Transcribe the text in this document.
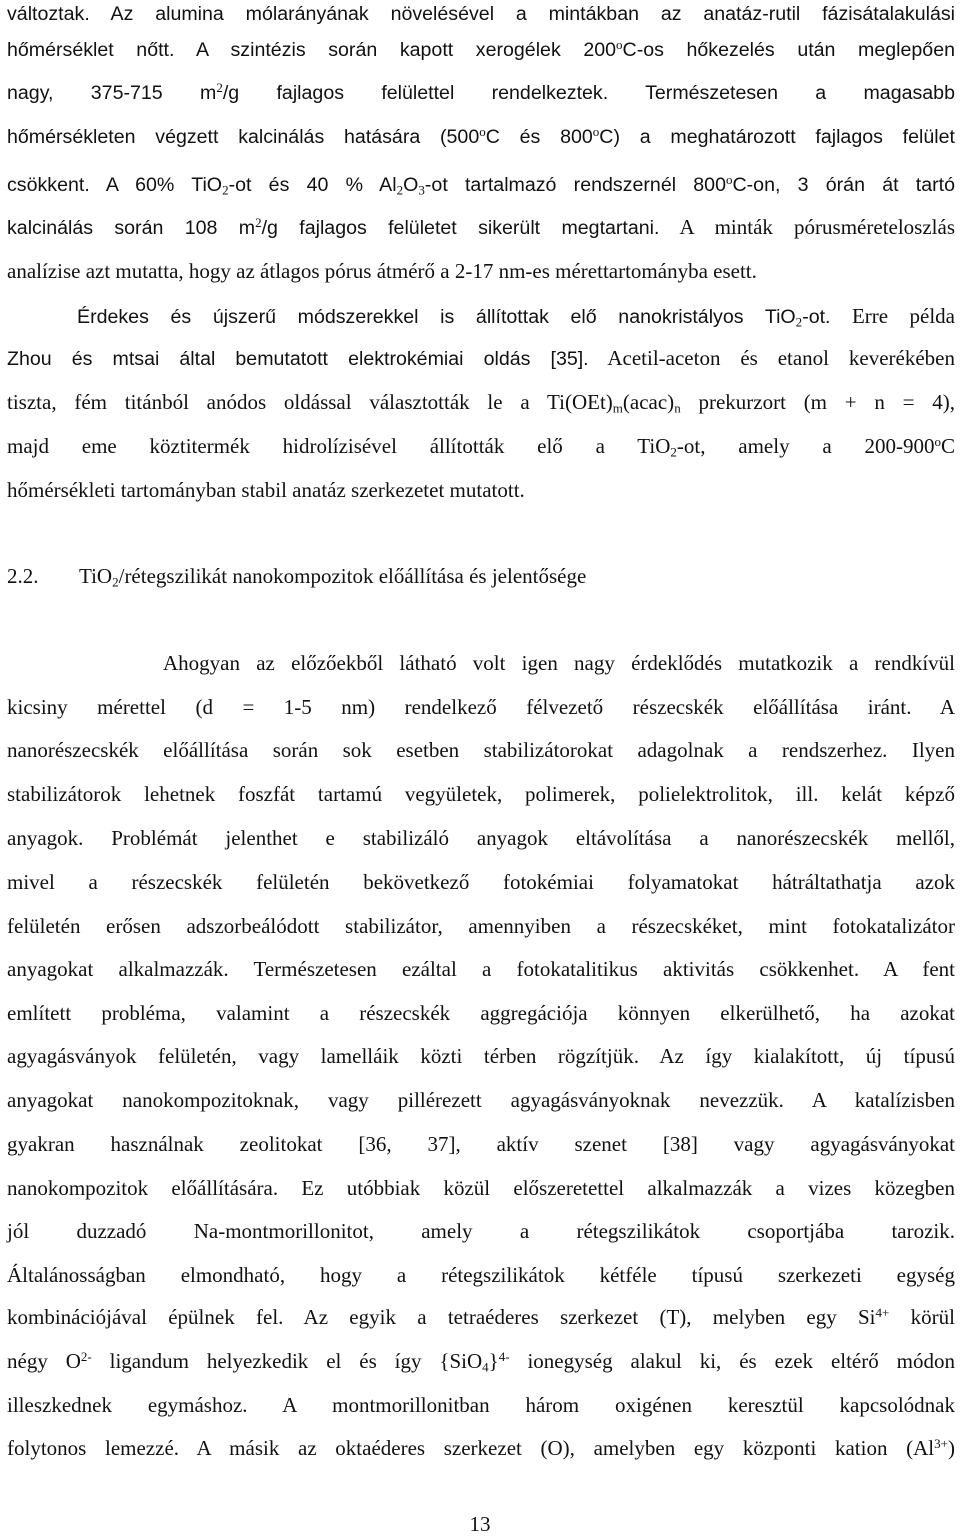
változtak. Az alumina mólarányának növelésével a mintákban az anatáz-rutil fázisátalakulási
hőmérséklet nőtt. A szintézis során kapott xerogélek 200$^o$C-os hőkezelés után meglepően
nagy, 375-715 $m^2/g$ fajlagos felülettel rendelkeztek. Természetesen a magasabb
hőmérsékleten végzett kalcinálás hatására (500$^o$C és 800$^o$C) a meghatározott fajlagos felület
csökkent. A 60% TiO$_2$-ot és 40 % $Al_2O_3-ot$ tartalmazó rendszernél 800$^o$C-on, 3 órán át tartó
kalcinálás során 108 $m^2/g$ fajlagos felületet sikerült megtartani. A minták pórusméreteloszlás
analízise azt mutatta, hogy az átlagos pórus átmérő a 2-17 nm-es mérettartományba esett.
Érdekes és újszerű módszerekkel is állítottak elő nanokristályos TiO$_2$-ot. Erre példa
Zhou és mtsai által bemutatott elektrokémiai oldás [35]. Acetil-aceton és etanol keverékében
tiszta, fém titánból anódos oldással választották le a $Ti(OEt)_m(acac)_n$ prekurzort (m + n = 4),
majd eme köztitermék hidrolízisével állították elő a TiO$_2$-ot, amely a 200-900$^o$C
hőmérsékleti tartományban stabil anatáz szerkezetet mutatott.
2.2. TiO$_2$/rétegszilikát nanokompozitok előállítása és jelentősége
Ahogyan az előzőekből látható volt igen nagy érdeklődés mutatkozik a rendkívül
kicsiny mérettel (d = 1-5 nm) rendelkező félvezető részecskék előállítása iránt. A
nanorészecskék előállítása során sok esetben stabilizátorokat adagolnak a rendszerhez. Ilyen
stabilizátorok lehetnek foszfát tartamú vegyületek, polimerek, polielektrolitok, ill. kelát képző
anyagok. Problémát jelenthet e stabilizáló anyagok eltávolítása a nanorészecskék mellől,
mivel a részecskék felületén bekövetkező fotokémiai folyamatokat hátráltathatja azok
felületén erősen adszorbeálódott stabilizátor, amennyiben a részecskéket, mint fotokatalizátor
anyagokat alkalmazzák. Természetesen ezáltal a fotokatalitikus aktivitás csökkenhet. A fent
említett probléma, valamint a részecskék aggregációja könnyen elkerülhető, ha azokat
agyagásványok felületén, vagy lamelláik közti térben rögzítjük. Az így kialakított, új típusú
anyagokat nanokompozitoknak, vagy pillérezett agyagásványoknak nevezzük. A katalízisben
gyakran használnak zeolitokat [36, 37], aktív szenet [38] vagy agyagásványokat
nanokompozitok előállítására. Ez utóbbiak közül előszeretettel alkalmazzák a vizes közegben
jól duzzadó Na-montmorillonitot, amely a rétegszilikátok csoportjába tarozik.
Általánosságban elmondható, hogy a rétegszilikátok kétféle típusú szerkezeti egység
kombinációjával épülnek fel. Az egyik a tetraéderes szerkezet (T), melyben egy $Si^{4+}$ körül
négy $O^{2-}$ ligandum helyezkedik el és így $\{SiO_4\}^{4-}$ ionegység alakul ki, és ezek eltérő módon
illeszkednek egymáshoz. A montmorillonitban három oxigénen keresztül kapcsolódnak
folytonos lemezzé. A másik az oktaéderes szerkezet (O), amelyben egy központi kation $(Al^{3+})$
13
